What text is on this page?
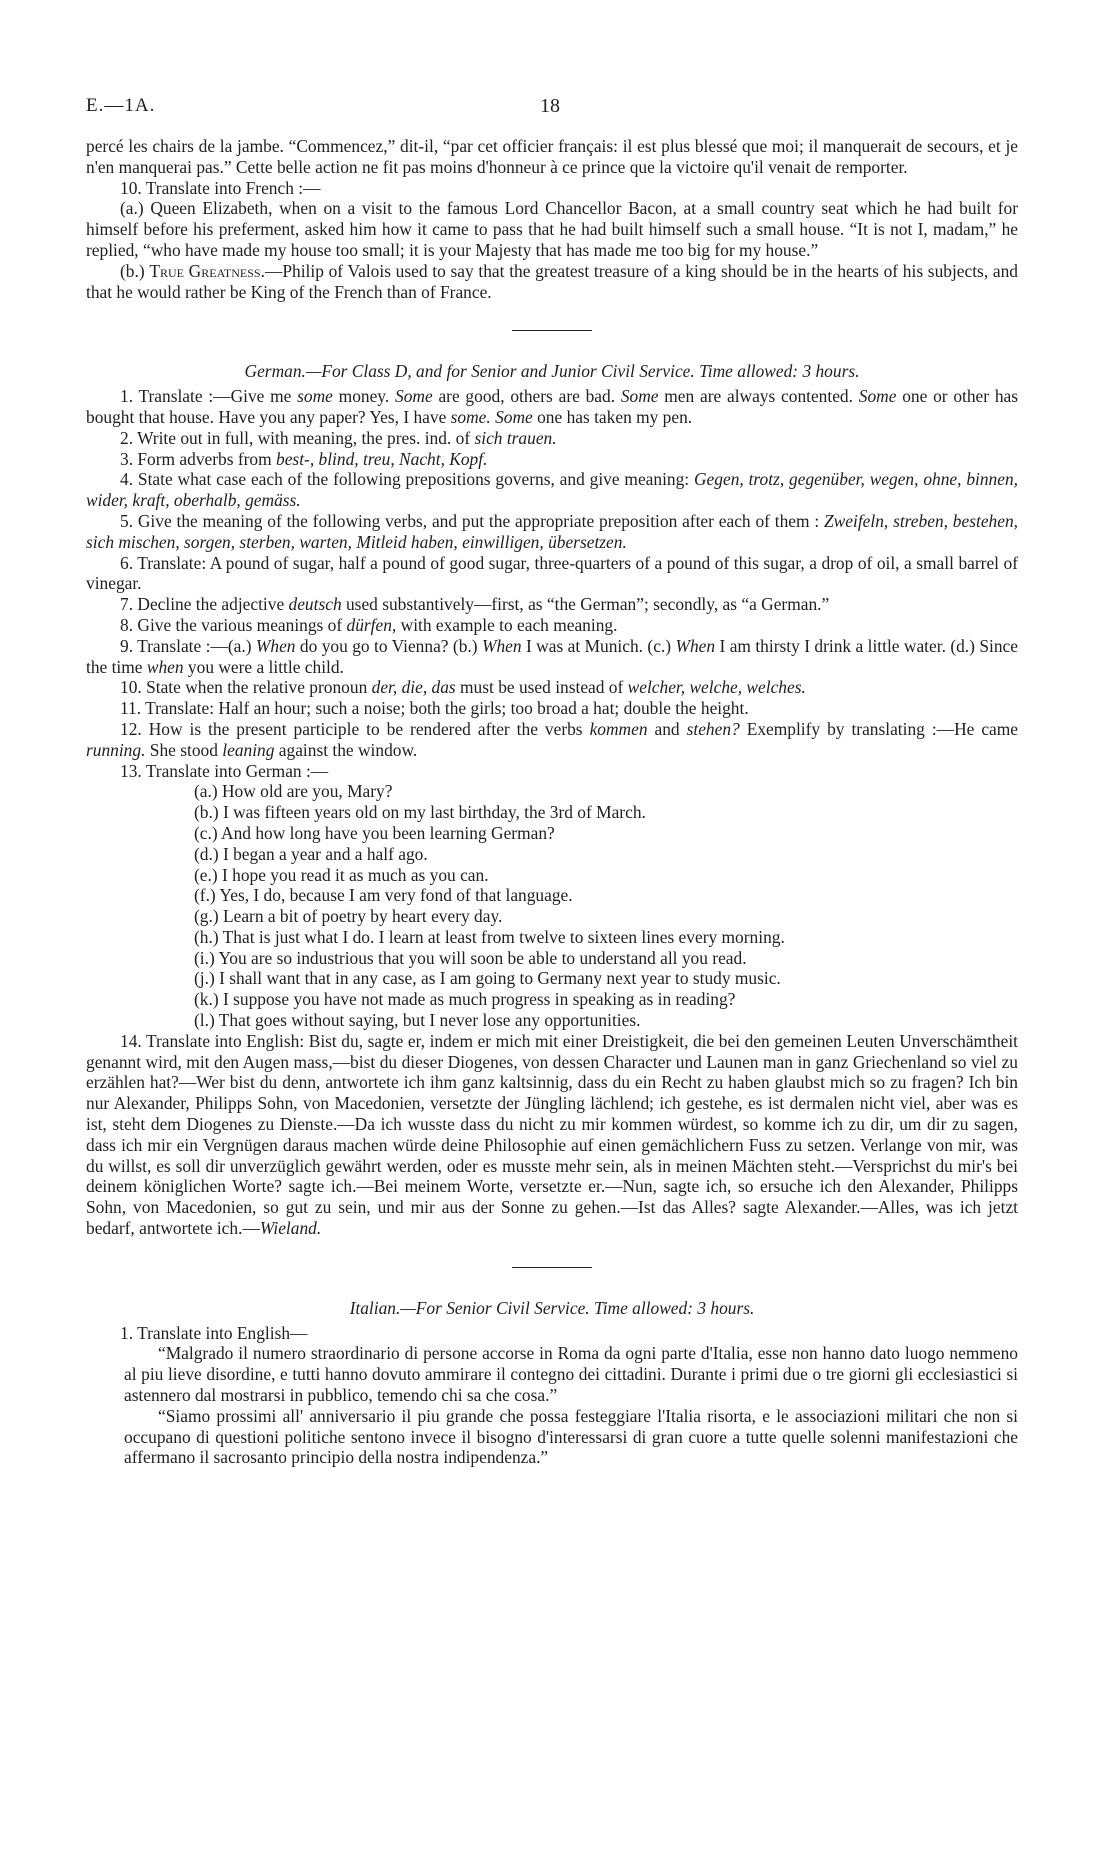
E.—1A.	18

percé les chairs de la jambe. “Commencez,” dit-il, “par cet officier français: il est plus blessé que moi; il manquerait de secours, et je n'en manquerai pas.” Cette belle action ne fit pas moins d'honneur à ce prince que la victoire qu'il venait de remporter.

10. Translate into French :—

(a.) Queen Elizabeth, when on a visit to the famous Lord Chancellor Bacon, at a small country seat which he had built for himself before his preferment, asked him how it came to pass that he had built himself such a small house. “It is not I, madam,” he replied, “who have made my house too small; it is your Majesty that has made me too big for my house.”

(b.) True Greatness.—Philip of Valois used to say that the greatest treasure of a king should be in the hearts of his subjects, and that he would rather be King of the French than of France.

German.—For Class D, and for Senior and Junior Civil Service. Time allowed: 3 hours.

1. Translate :—Give me some money. Some are good, others are bad. Some men are always contented. Some one or other has bought that house. Have you any paper? Yes, I have some. Some one has taken my pen.

2. Write out in full, with meaning, the pres. ind. of sich trauen.

3. Form adverbs from best-, blind, treu, Nacht, Kopf.

4. State what case each of the following prepositions governs, and give meaning: Gegen, trotz, gegenüber, wegen, ohne, binnen, wider, kraft, oberhalb, gemäss.

5. Give the meaning of the following verbs, and put the appropriate preposition after each of them : Zweifeln, streben, bestehen, sich mischen, sorgen, sterben, warten, Mitleid haben, einwilligen, übersetzen.

6. Translate: A pound of sugar, half a pound of good sugar, three-quarters of a pound of this sugar, a drop of oil, a small barrel of vinegar.

7. Decline the adjective deutsch used substantively—first, as “the German”; secondly, as “a German.”

8. Give the various meanings of dürfen, with example to each meaning.

9. Translate :—(a.) When do you go to Vienna? (b.) When I was at Munich. (c.) When I am thirsty I drink a little water. (d.) Since the time when you were a little child.

10. State when the relative pronoun der, die, das must be used instead of welcher, welche, welches.

11. Translate: Half an hour; such a noise; both the girls; too broad a hat; double the height.

12. How is the present participle to be rendered after the verbs kommen and stehen? Exemplify by translating :—He came running. She stood leaning against the window.

13. Translate into German :—

(a.) How old are you, Mary?
(b.) I was fifteen years old on my last birthday, the 3rd of March.
(c.) And how long have you been learning German?
(d.) I began a year and a half ago.
(e.) I hope you read it as much as you can.
(f.) Yes, I do, because I am very fond of that language.
(g.) Learn a bit of poetry by heart every day.
(h.) That is just what I do. I learn at least from twelve to sixteen lines every morning.
(i.) You are so industrious that you will soon be able to understand all you read.
(j.) I shall want that in any case, as I am going to Germany next year to study music.
(k.) I suppose you have not made as much progress in speaking as in reading?
(l.) That goes without saying, but I never lose any opportunities.

14. Translate into English: Bist du, sagte er, indem er mich mit einer Dreistigkeit, die bei den gemeinen Leuten Unverschämtheit genannt wird, mit den Augen mass,—bist du dieser Diogenes, von dessen Character und Launen man in ganz Griechenland so viel zu erzählen hat?—Wer bist du denn, antwortete ich ihm ganz kaltsinnig, dass du ein Recht zu haben glaubst mich so zu fragen? Ich bin nur Alexander, Philipps Sohn, von Macedonien, versetzte der Jüngling lächlend; ich gestehe, es ist dermalen nicht viel, aber was es ist, steht dem Diogenes zu Dienste.—Da ich wusste dass du nicht zu mir kommen würdest, so komme ich zu dir, um dir zu sagen, dass ich mir ein Vergnügen daraus machen würde deine Philosophie auf einen gemächlichern Fuss zu setzen. Verlange von mir, was du willst, es soll dir unverzüglich gewährt werden, oder es musste mehr sein, als in meinen Mächten steht.—Versprichst du mir's bei deinem königlichen Worte? sagte ich.—Bei meinem Worte, versetzte er.—Nun, sagte ich, so ersuche ich den Alexander, Philipps Sohn, von Macedonien, so gut zu sein, und mir aus der Sonne zu gehen.—Ist das Alles? sagte Alexander.—Alles, was ich jetzt bedarf, antwortete ich.—Wieland.

Italian.—For Senior Civil Service. Time allowed: 3 hours.

1. Translate into English—

“Malgrado il numero straordinario di persone accorse in Roma da ogni parte d'Italia, esse non hanno dato luogo nemmeno al piu lieve disordine, e tutti hanno dovuto ammirare il contegno dei cittadini. Durante i primi due o tre giorni gli ecclesiastici si astennero dal mostrarsi in pubblico, temendo chi sa che cosa.”

“Siamo prossimi all' anniversario il piu grande che possa festeggiare l'Italia risorta, e le associazioni militari che non si occupano di questioni politiche sentono invece il bisogno d'interessarsi di gran cuore a tutte quelle solenni manifestazioni che affermano il sacrosanto principio della nostra indipendenza.”
